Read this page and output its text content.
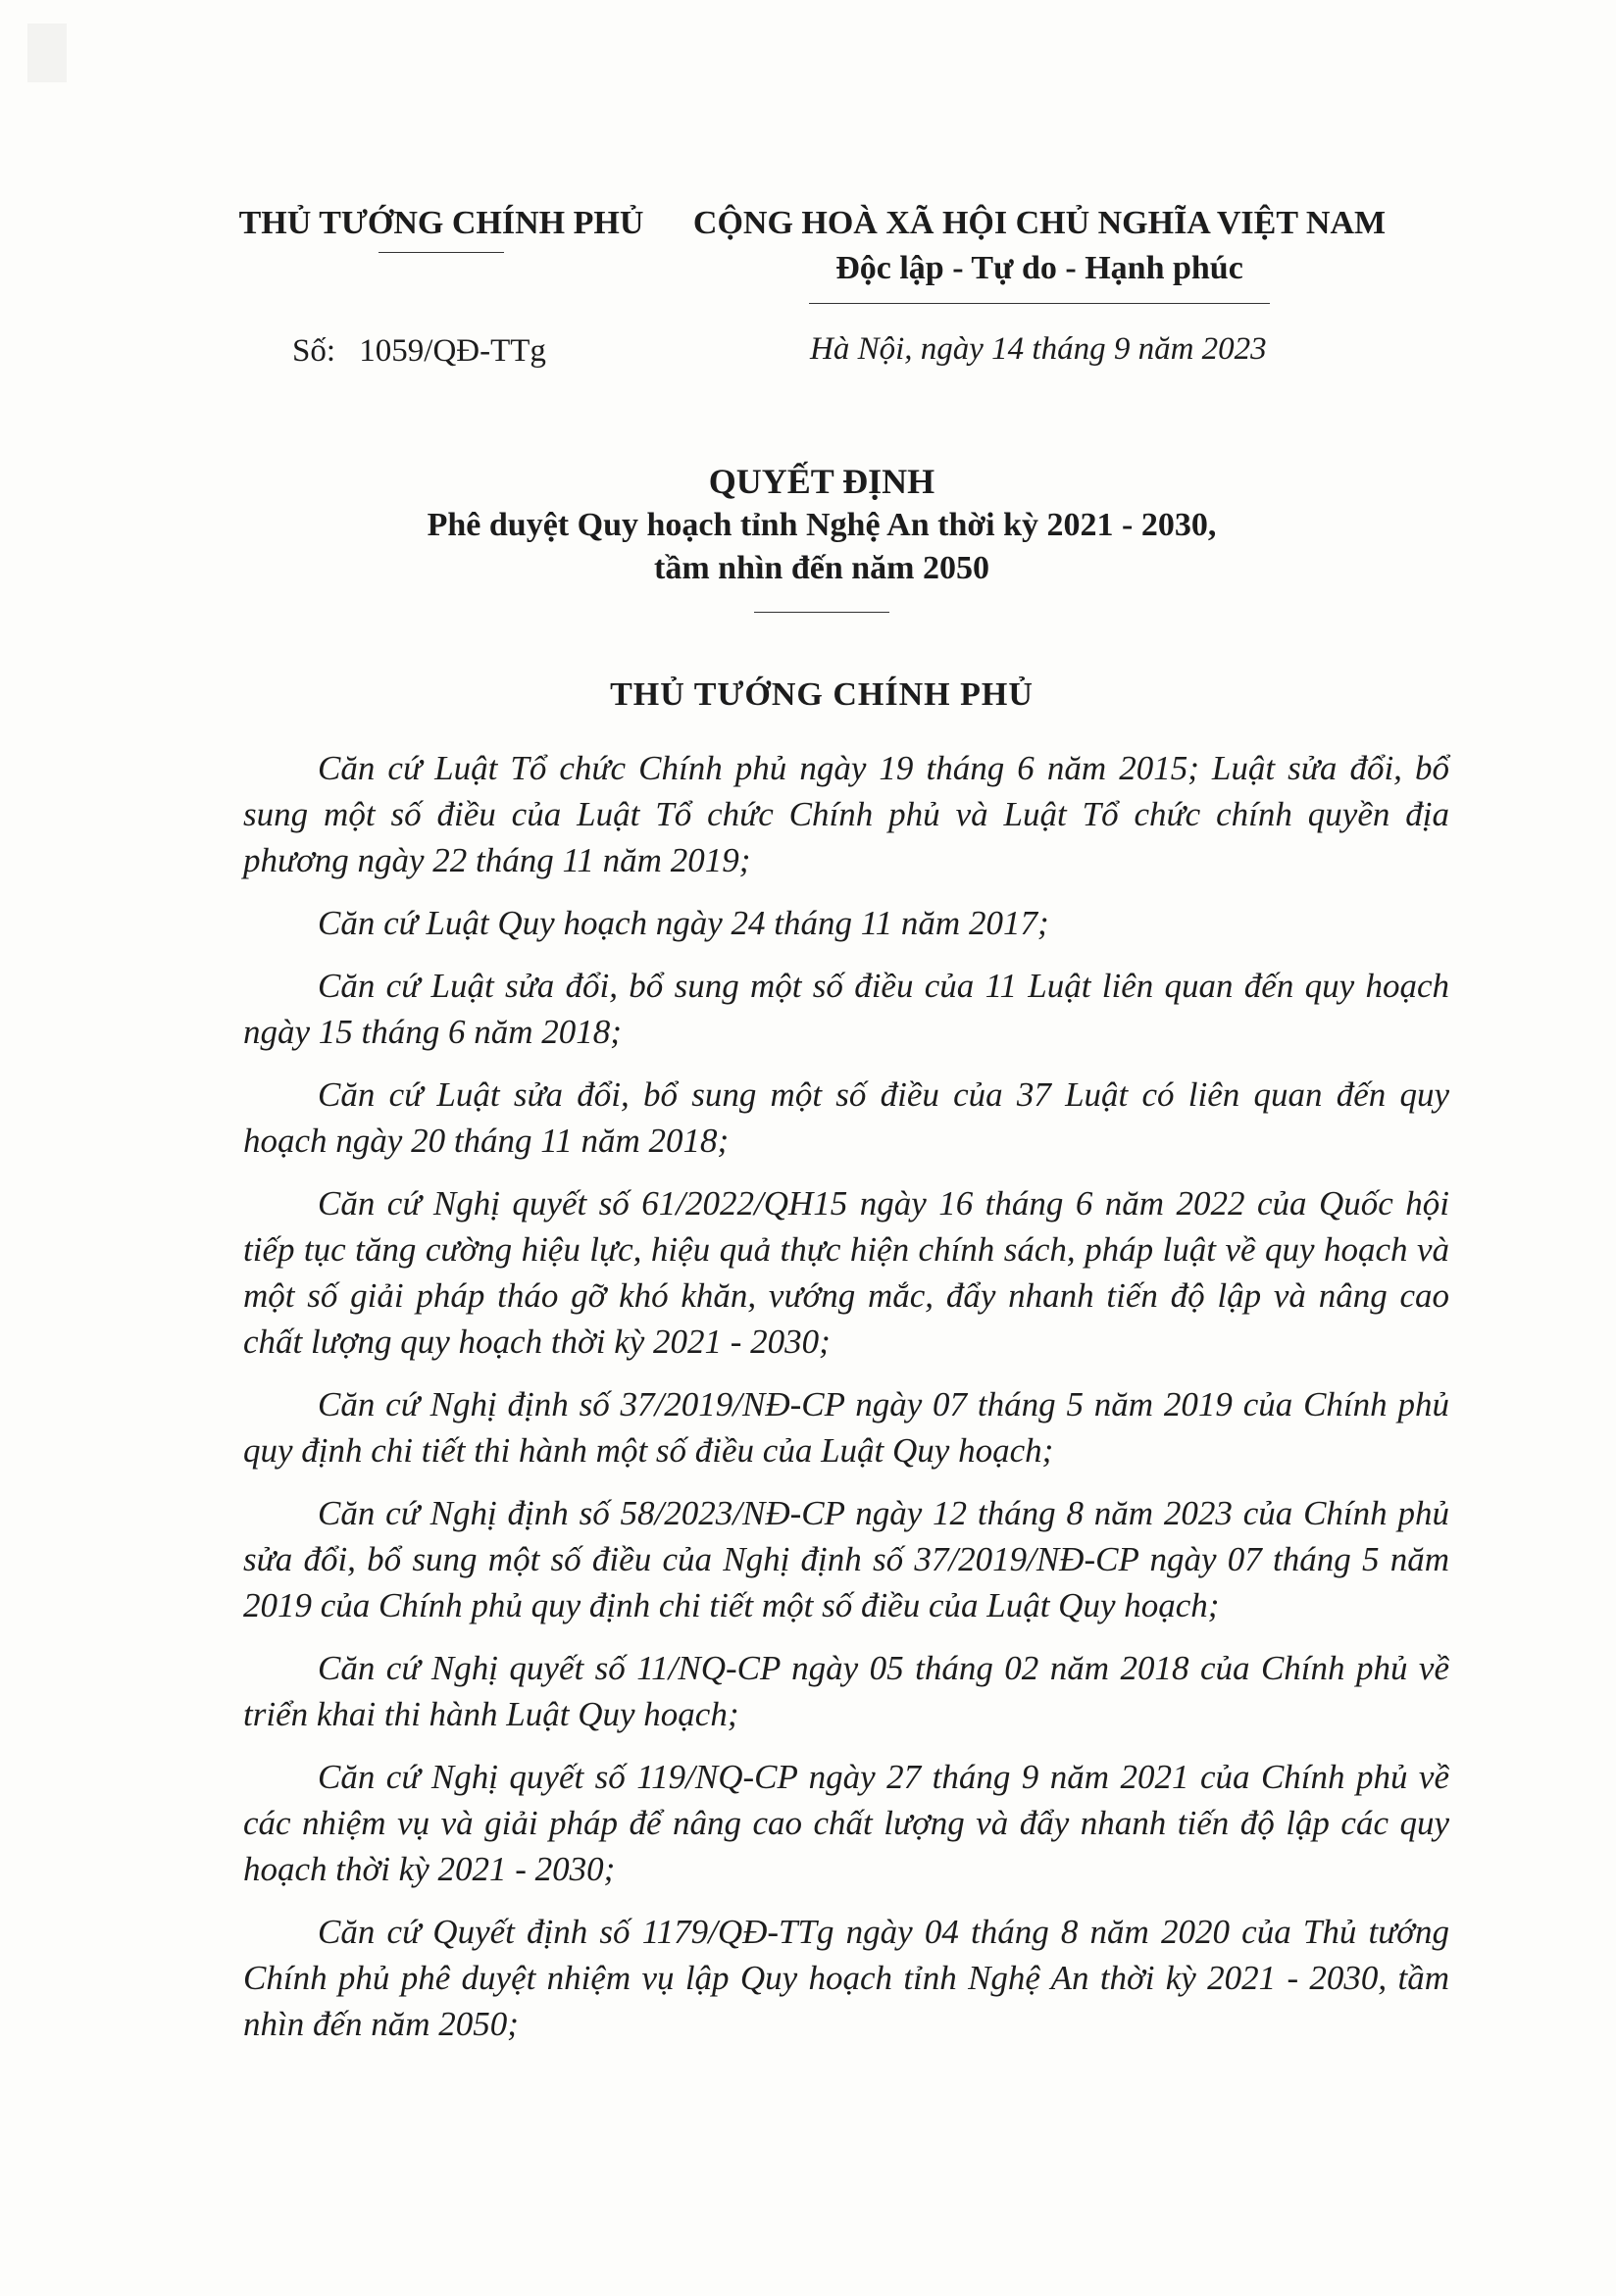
THỦ TƯỚNG CHÍNH PHỦ	CỘNG HOÀ XÃ HỘI CHỦ NGHĨA VIỆT NAM
Độc lập - Tự do - Hạnh phúc
Số: 1059/QĐ-TTg	Hà Nội, ngày 14 tháng 9 năm 2023
QUYẾT ĐỊNH
Phê duyệt Quy hoạch tỉnh Nghệ An thời kỳ 2021 - 2030,
tầm nhìn đến năm 2050
THỦ TƯỚNG CHÍNH PHỦ

Căn cứ Luật Tổ chức Chính phủ ngày 19 tháng 6 năm 2015; Luật sửa đổi, bổ sung một số điều của Luật Tổ chức Chính phủ và Luật Tổ chức chính quyền địa phương ngày 22 tháng 11 năm 2019;

Căn cứ Luật Quy hoạch ngày 24 tháng 11 năm 2017;

Căn cứ Luật sửa đổi, bổ sung một số điều của 11 Luật liên quan đến quy hoạch ngày 15 tháng 6 năm 2018;

Căn cứ Luật sửa đổi, bổ sung một số điều của 37 Luật có liên quan đến quy hoạch ngày 20 tháng 11 năm 2018;

Căn cứ Nghị quyết số 61/2022/QH15 ngày 16 tháng 6 năm 2022 của Quốc hội tiếp tục tăng cường hiệu lực, hiệu quả thực hiện chính sách, pháp luật về quy hoạch và một số giải pháp tháo gỡ khó khăn, vướng mắc, đẩy nhanh tiến độ lập và nâng cao chất lượng quy hoạch thời kỳ 2021 - 2030;

Căn cứ Nghị định số 37/2019/NĐ-CP ngày 07 tháng 5 năm 2019 của Chính phủ quy định chi tiết thi hành một số điều của Luật Quy hoạch;

Căn cứ Nghị định số 58/2023/NĐ-CP ngày 12 tháng 8 năm 2023 của Chính phủ sửa đổi, bổ sung một số điều của Nghị định số 37/2019/NĐ-CP ngày 07 tháng 5 năm 2019 của Chính phủ quy định chi tiết một số điều của Luật Quy hoạch;

Căn cứ Nghị quyết số 11/NQ-CP ngày 05 tháng 02 năm 2018 của Chính phủ về triển khai thi hành Luật Quy hoạch;

Căn cứ Nghị quyết số 119/NQ-CP ngày 27 tháng 9 năm 2021 của Chính phủ về các nhiệm vụ và giải pháp để nâng cao chất lượng và đẩy nhanh tiến độ lập các quy hoạch thời kỳ 2021 - 2030;

Căn cứ Quyết định số 1179/QĐ-TTg ngày 04 tháng 8 năm 2020 của Thủ tướng Chính phủ phê duyệt nhiệm vụ lập Quy hoạch tỉnh Nghệ An thời kỳ 2021 - 2030, tầm nhìn đến năm 2050;
